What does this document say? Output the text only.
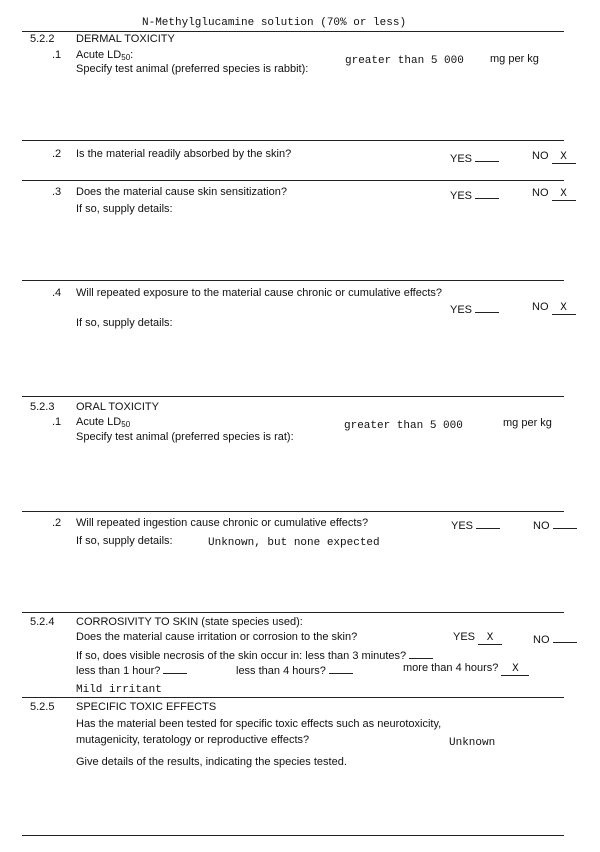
N-Methylglucamine solution (70% or less)
5.2.2 DERMAL TOXICITY
.1 Acute $LD_{50}$:	greater than 5 000 mg per kg
Specify test animal (preferred species is rabbit):
.2 Is the material readily absorbed by the skin?	YES	NO X
.3 Does the material cause skin sensitization?	YES	NO X
If so, supply details:
.4 Will repeated exposure to the material cause chronic or cumulative effects?
YES	NO X
If so, supply details:
5.2.3 ORAL TOXICITY
.1 Acute $LD_{50}$	greater than 5 000	mg per kg
Specify test animal (preferred species is rat):
.2 Will repeated ingestion cause chronic or cumulative effects?	YES	NO
If so, supply details:	Unknown, but none expected
5.2.4 CORROSIVITY TO SKIN (state species used):
Does the material cause irritation or corrosion to the skin?	YES X	NO
If so, does visible necrosis of the skin occur in: less than 3 minutes?
less than 1 hour?	less than 4 hours?	more than 4 hours? X
Mild irritant
5.2.5 SPECIFIC TOXIC EFFECTS
Has the material been tested for specific toxic effects such as neurotoxicity,
mutagenicity, teratology or reproductive effects?	Unknown
Give details of the results, indicating the species tested.
